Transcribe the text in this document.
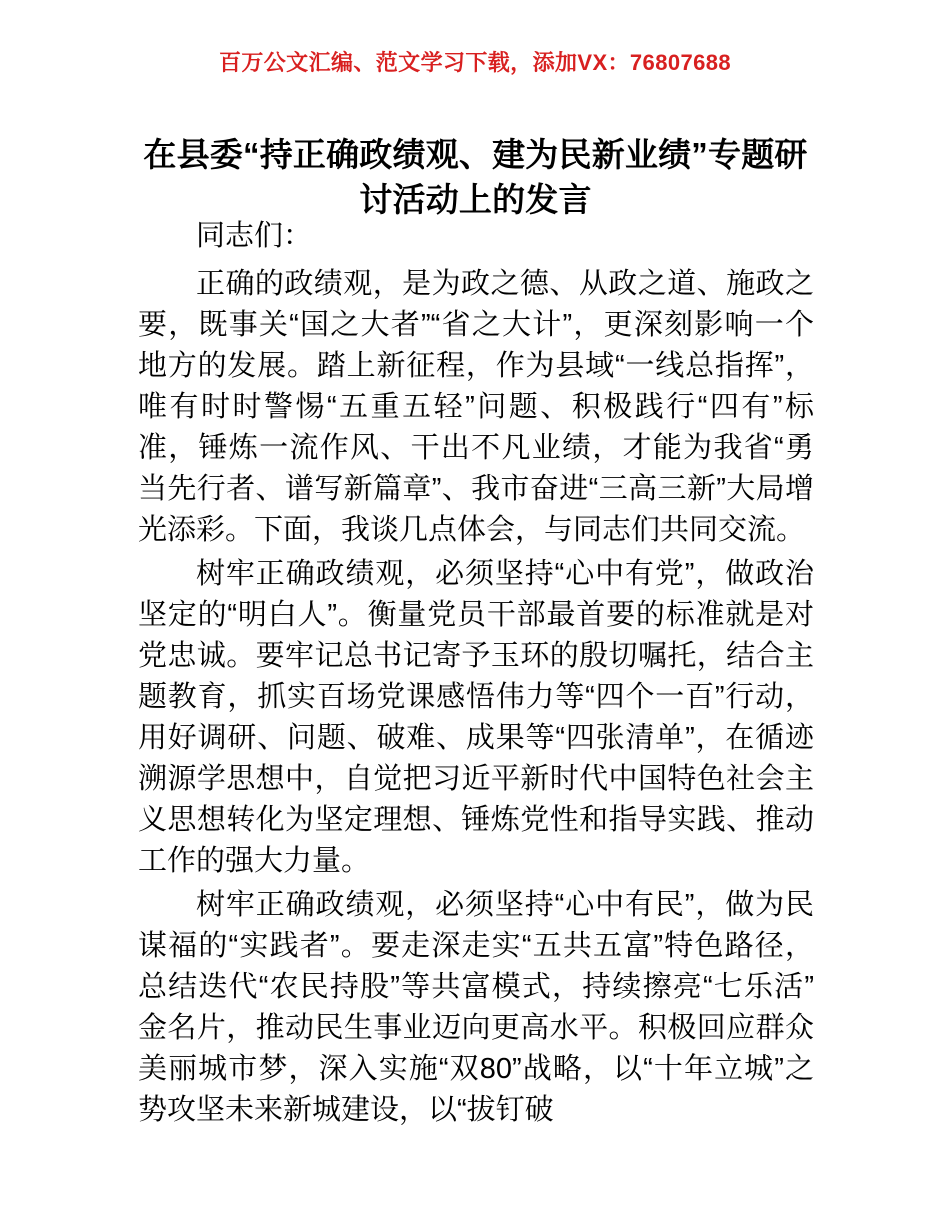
百万公文汇编、范文学习下载，添加VX：76807688
在县委“持正确政绩观、建为民新业绩”专题研讨活动上的发言

同志们：

正确的政绩观，是为政之德、从政之道、施政之要，既事关“国之大者”“省之大计”，更深刻影响一个地方的发展。踏上新征程，作为县域“一线总指挥”，唯有时时警惕“五重五轻”问题、积极践行“四有”标准，锤炼一流作风、干出不凡业绩，才能为我省“勇当先行者、谱写新篇章”、我市奋进“三高三新”大局增光添彩。下面，我谈几点体会，与同志们共同交流。

树牢正确政绩观，必须坚持“心中有党”，做政治坚定的“明白人”。衡量党员干部最首要的标准就是对党忠诚。要牢记总书记寄予玉环的殷切嘱托，结合主题教育，抓实百场党课感悟伟力等“四个一百”行动，用好调研、问题、破难、成果等“四张清单”，在循迹溯源学思想中，自觉把习近平新时代中国特色社会主义思想转化为坚定理想、锤炼党性和指导实践、推动工作的强大力量。

树牢正确政绩观，必须坚持“心中有民”，做为民谋福的“实践者”。要走深走实“五共五富”特色路径，总结迭代“农民持股”等共富模式，持续擦亮“七乐活”金名片，推动民生事业迈向更高水平。积极回应群众美丽城市梦，深入实施“双80”战略，以“十年立城”之势攻坚未来新城建设，以“拔钉破
